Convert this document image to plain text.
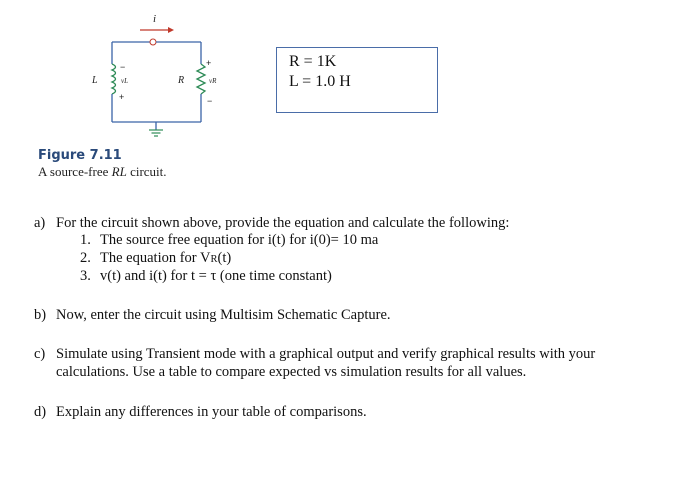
i
L	vL
−
+
R	vR
+
−
Figure 7.11
A source-free RL circuit.
R = 1K
L = 1.0 H
a) For the circuit shown above, provide the equation and calculate the following:
1. The source free equation for i(t) for i(0)= 10 ma
2. The equation for VR(t)
3. v(t) and i(t) for t = τ (one time constant)
b) Now, enter the circuit using Multisim Schematic Capture.
c) Simulate using Transient mode with a graphical output and verify graphical results with your
calculations. Use a table to compare expected vs simulation results for all values.
d) Explain any differences in your table of comparisons.
